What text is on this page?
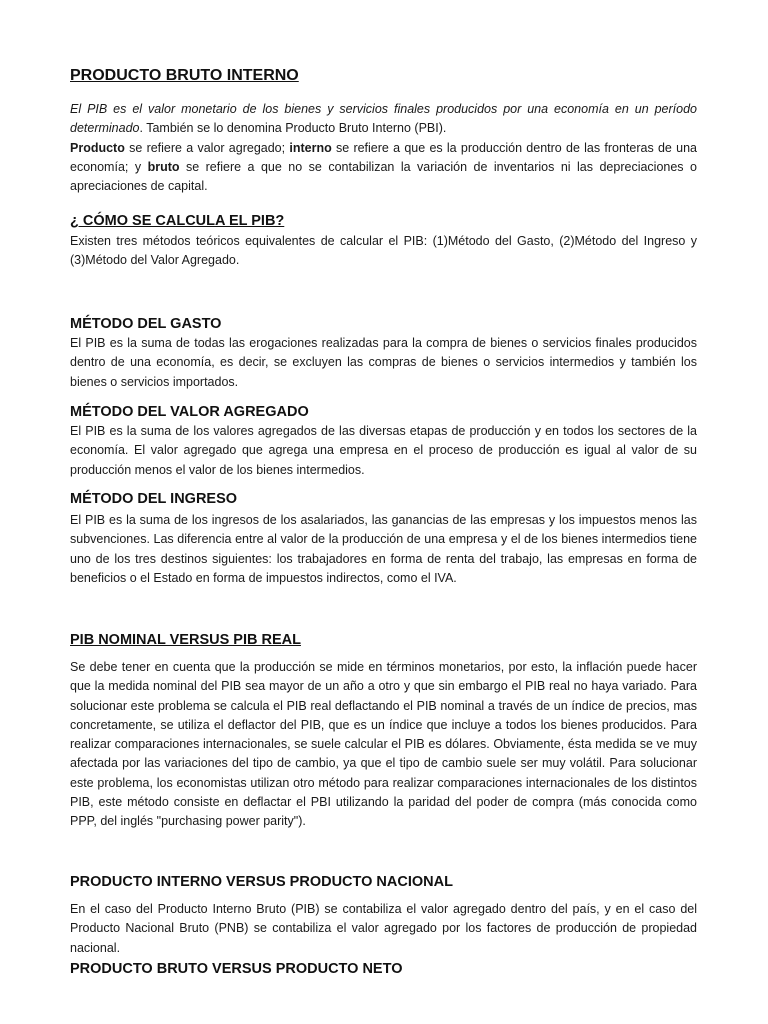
PRODUCTO BRUTO INTERNO

El PIB es el valor monetario de los bienes y servicios finales producidos por una economía en un período determinado. También se lo denomina Producto Bruto Interno (PBI).
Producto se refiere a valor agregado; interno se refiere a que es la producción dentro de las fronteras de una economía; y bruto se refiere a que no se contabilizan la variación de inventarios ni las depreciaciones o apreciaciones de capital.

¿ CÓMO SE CALCULA EL PIB?

Existen tres métodos teóricos equivalentes de calcular el PIB: (1)Método del Gasto, (2)Método del Ingreso y (3)Método del Valor Agregado.

MÉTODO DEL GASTO

El PIB es la suma de todas las erogaciones realizadas para la compra de bienes o servicios finales producidos dentro de una economía, es decir, se excluyen las compras de bienes o servicios intermedios y también los bienes o servicios importados.

MÉTODO DEL VALOR AGREGADO

El PIB es la suma de los valores agregados de las diversas etapas de producción y en todos los sectores de la economía. El valor agregado que agrega una empresa en el proceso de producción es igual al valor de su producción menos el valor de los bienes intermedios.

MÉTODO DEL INGRESO

El PIB es la suma de los ingresos de los asalariados, las ganancias de las empresas y los impuestos menos las subvenciones. Las diferencia entre al valor de la producción de una empresa y el de los bienes intermedios tiene uno de los tres destinos siguientes: los trabajadores en forma de renta del trabajo, las empresas en forma de beneficios o el Estado en forma de impuestos indirectos, como el IVA.

PIB NOMINAL VERSUS PIB REAL

Se debe tener en cuenta que la producción se mide en términos monetarios, por esto, la inflación puede hacer que la medida nominal del PIB sea mayor de un año a otro y que sin embargo el PIB real no haya variado. Para solucionar este problema se calcula el PIB real deflactando el PIB nominal a través de un índice de precios, mas concretamente, se utiliza el deflactor del PIB, que es un índice que incluye a todos los bienes producidos. Para realizar comparaciones internacionales, se suele calcular el PIB es dólares. Obviamente, ésta medida se ve muy afectada por las variaciones del tipo de cambio, ya que el tipo de cambio suele ser muy volátil. Para solucionar este problema, los economistas utilizan otro método para realizar comparaciones internacionales de los distintos PIB, este método consiste en deflactar el PBI utilizando la paridad del poder de compra (más conocida como PPP, del inglés "purchasing power parity").

PRODUCTO INTERNO VERSUS PRODUCTO NACIONAL

En el caso del Producto Interno Bruto (PIB) se contabiliza el valor agregado dentro del país, y en el caso del Producto Nacional Bruto (PNB) se contabiliza el valor agregado por los factores de producción de propiedad nacional.

PRODUCTO BRUTO VERSUS PRODUCTO NETO
